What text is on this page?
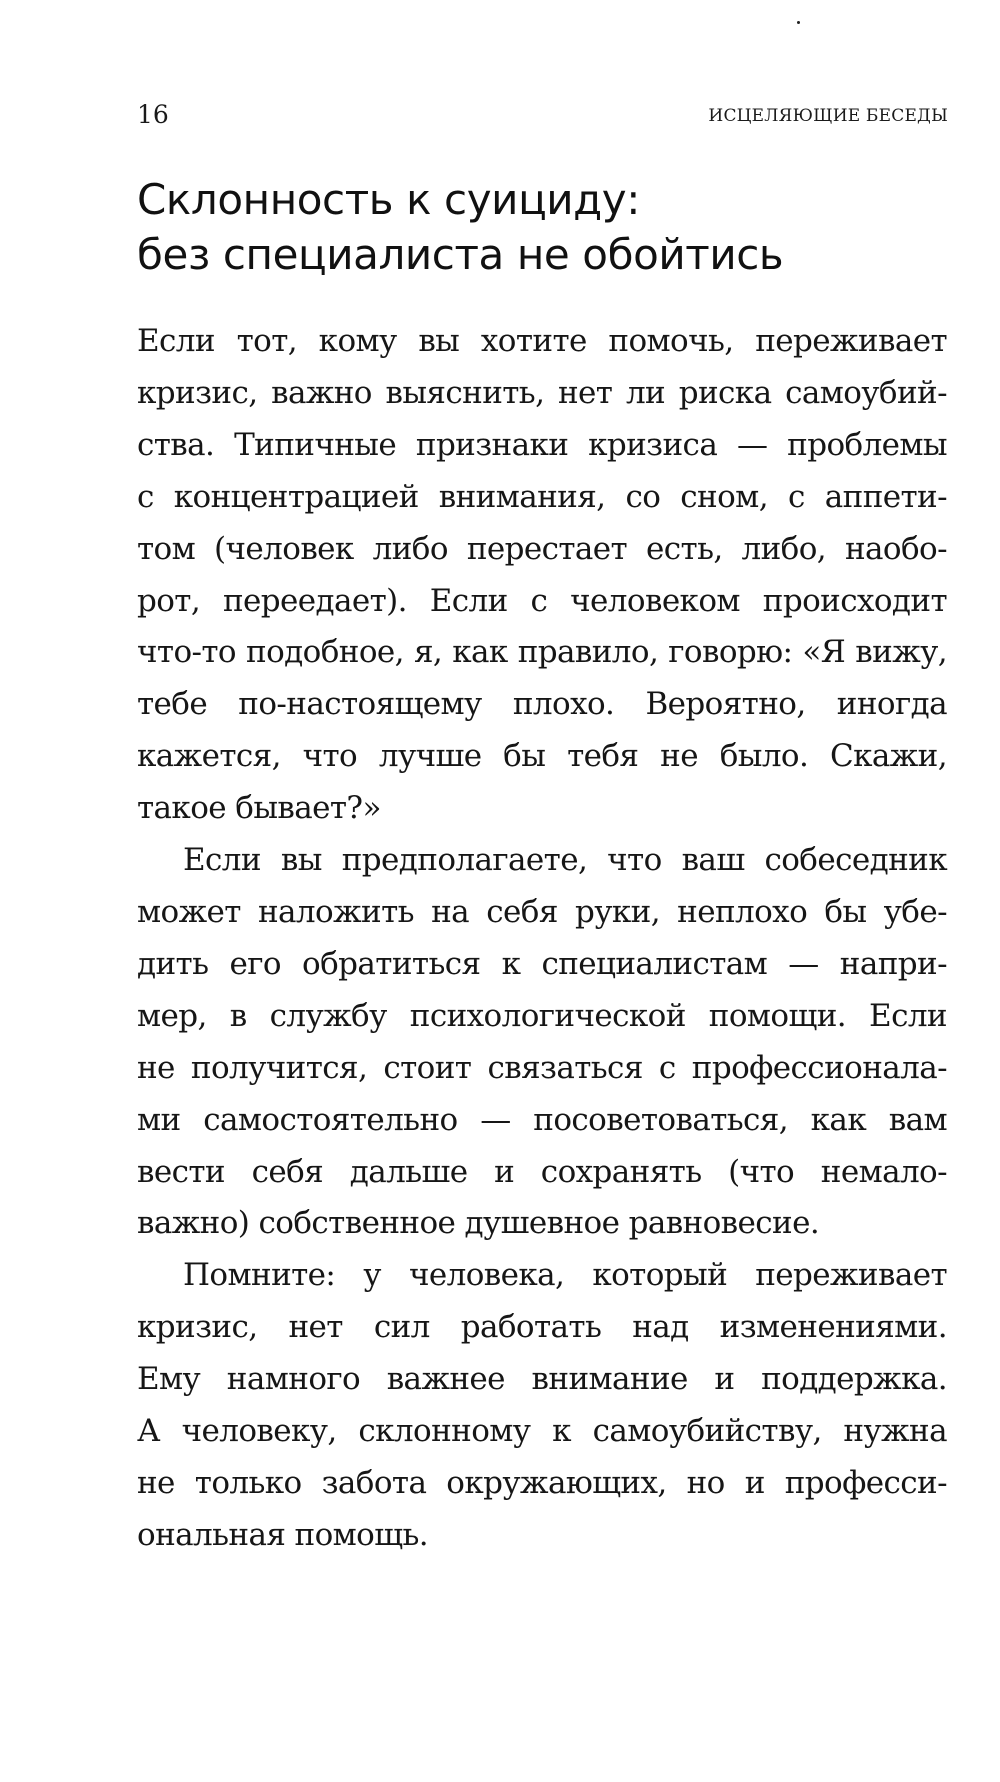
16	ИСЦЕЛЯЮЩИЕ БЕСЕДЫ
Склонность к суициду:
без специалиста не обойтись

Если тот, кому вы хотите помочь, переживает
кризис, важно выяснить, нет ли риска самоубий-
ства. Типичные признаки кризиса — проблемы
с концентрацией внимания, со сном, с аппети-
том (человек либо перестает есть, либо, наобо-
рот, переедает). Если с человеком происходит
что-то подобное, я, как правило, говорю: «Я вижу,
тебе по-настоящему плохо. Вероятно, иногда
кажется, что лучше бы тебя не было. Скажи,
такое бывает?»

Если вы предполагаете, что ваш собеседник
может наложить на себя руки, неплохо бы убе-
дить его обратиться к специалистам — напри-
мер, в службу психологической помощи. Если
не получится, стоит связаться с профессионала-
ми самостоятельно — посоветоваться, как вам
вести себя дальше и сохранять (что немало-
важно) собственное душевное равновесие.

Помните: у человека, который переживает
кризис, нет сил работать над изменениями.
Ему намного важнее внимание и поддержка.
А человеку, склонному к самоубийству, нужна
не только забота окружающих, но и професси-
ональная помощь.
